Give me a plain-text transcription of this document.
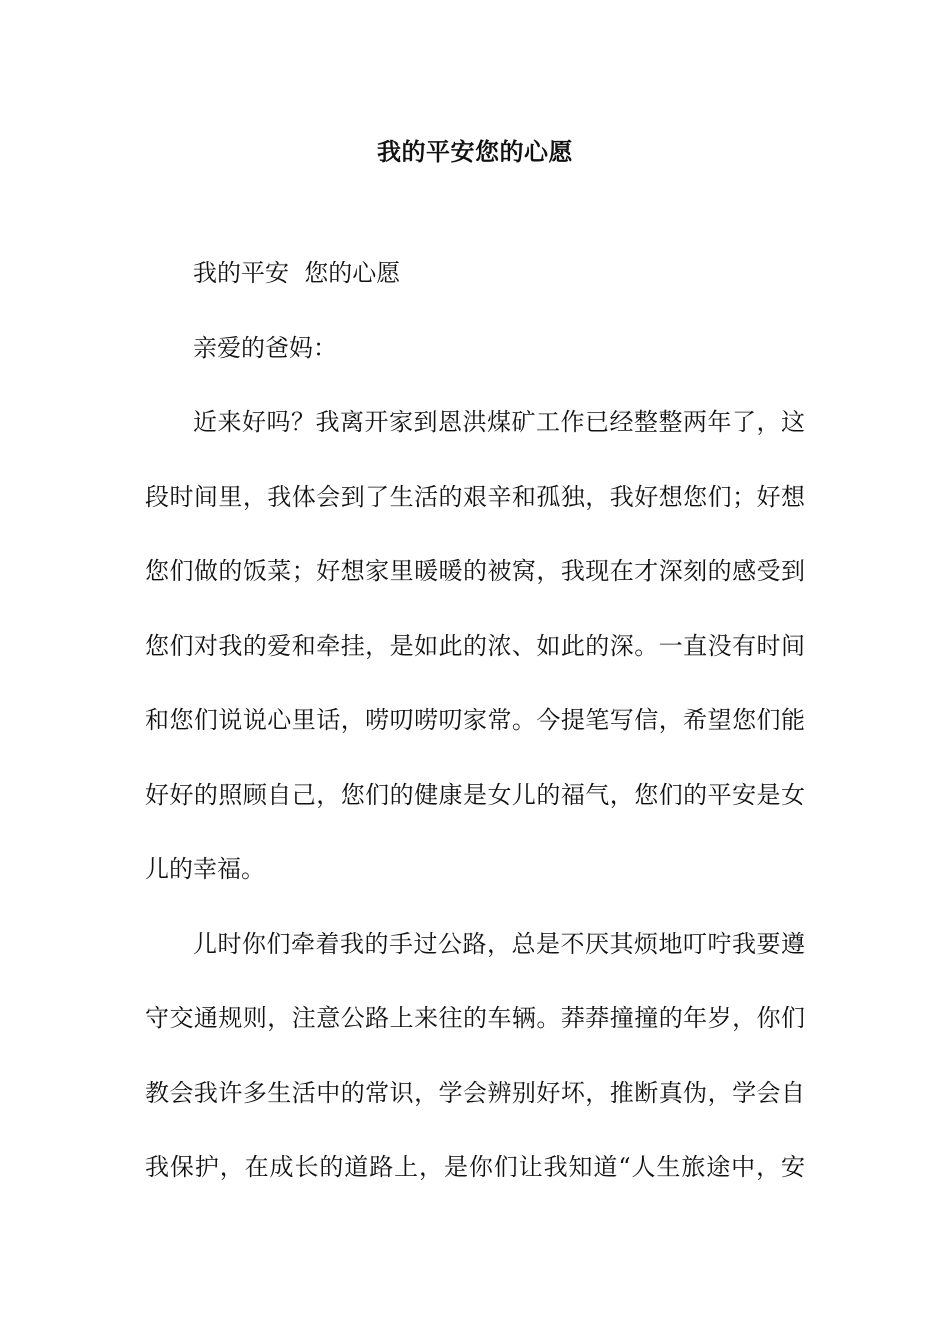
我的平安您的心愿
我的平安  您的心愿
亲爱的爸妈：
近来好吗？我离开家到恩洪煤矿工作已经整整两年了，这
段时间里，我体会到了生活的艰辛和孤独，我好想您们；好想
您们做的饭菜；好想家里暖暖的被窝，我现在才深刻的感受到
您们对我的爱和牵挂，是如此的浓、如此的深。一直没有时间
和您们说说心里话，唠叨唠叨家常。今提笔写信，希望您们能
好好的照顾自己，您们的健康是女儿的福气，您们的平安是女
儿的幸福。
儿时你们牵着我的手过公路，总是不厌其烦地叮咛我要遵
守交通规则，注意公路上来往的车辆。莽莽撞撞的年岁，你们
教会我许多生活中的常识，学会辨别好坏，推断真伪，学会自
我保护，在成长的道路上，是你们让我知道“人生旅途中，安
